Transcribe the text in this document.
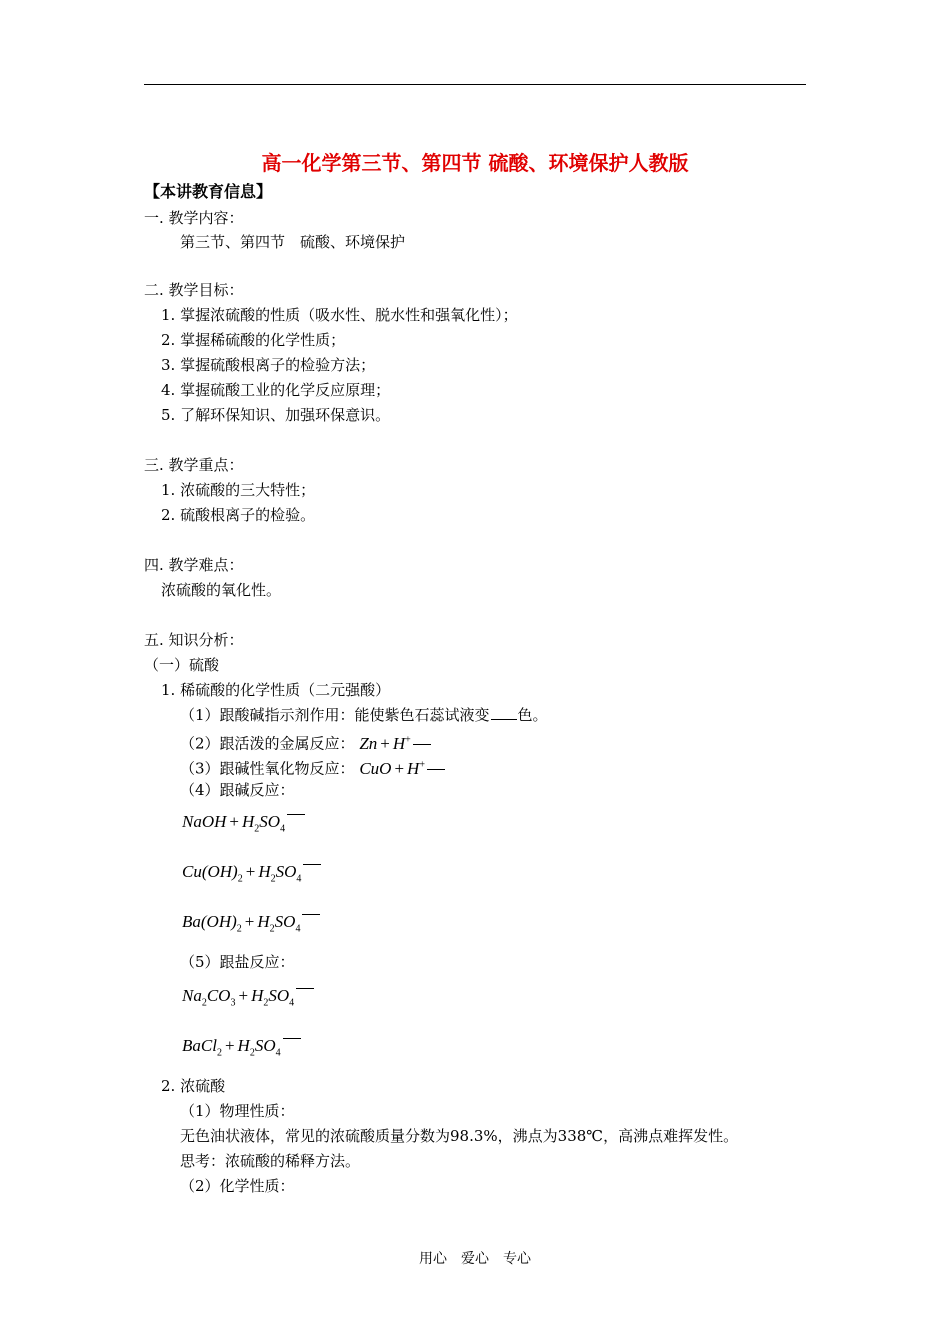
高一化学第三节、第四节 硫酸、环境保护人教版
【本讲教育信息】
一. 教学内容：
第三节、第四节　硫酸、环境保护
二. 教学目标：
1. 掌握浓硫酸的性质（吸水性、脱水性和强氧化性）；
2. 掌握稀硫酸的化学性质；
3. 掌握硫酸根离子的检验方法；
4. 掌握硫酸工业的化学反应原理；
5. 了解环保知识、加强环保意识。
三. 教学重点：
1. 浓硫酸的三大特性；
2. 硫酸根离子的检验。
四. 教学难点：
浓硫酸的氧化性。
五. 知识分析：
（一）硫酸
1. 稀硫酸的化学性质（二元强酸）
（1）跟酸碱指示剂作用：能使紫色石蕊试液变 色。
（2）跟活泼的金属反应： Zn + H+
（3）跟碱性氧化物反应： CuO + H+
（4）跟碱反应：
NaOH + $H_2SO_4$
$Cu(OH)_2 + H_2SO_4$
$Ba(OH)_2 + H_2SO_4$
（5）跟盐反应：
$Na_2CO_3 + H_2SO_4$
BaCl$_2$ + $H_2SO_4$
2. 浓硫酸
（1）物理性质：
无色油状液体，常见的浓硫酸质量分数为98.3%，沸点为338℃，高沸点难挥发性。
思考：浓硫酸的稀释方法。
（2）化学性质：
用心　爱心　专心
